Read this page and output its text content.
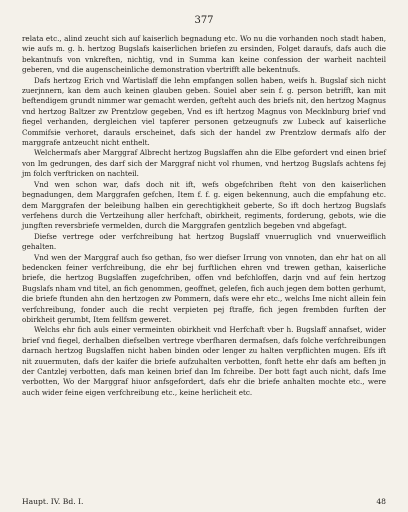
377

relata etc., alind zeucht sich auf kaiserlich begnadung etc. Wo nu die vorhanden noch stadt haben, wie aufs m. g. h. hertzog Bugslafs kaiserlichen briefen zu ersinden, Folget daraufs, dafs auch die bekantnufs von vnkreften, nichtig, vnd in Summa kan keine confession der warheit nachteil geberen, vnd die augenscheinliche demonstration vbertrifft alle bekentnufs.

Dafs hertzog Erich vnd Wartislaff die lehn empfangen sollen haben, weifs h. Bugslaf sich nicht zuerjnnern, kan dem auch keinen glauben geben. Souiel aber sein f. g. person betrifft, kan mit beftendigem grundt nimmer war gemacht werden, gefteht auch des briefs nit, den hertzog Magnus vnd hertzog Baltzer zw Prentzlow gegeben, Vnd es ift hertzog Magnus von Mecklnburg brief vnd fiegel verhanden, dergleichen viel tapferer personen getzeugnufs zw Lubeck auf kaiserliche Commifsie verhoret, darauls erscheinet, dafs sich der handel zw Prentzlow dermafs alfo der marggrafe antzeucht nicht enthelt.

Welchermafs aber Marggraf Albrecht hertzog Bugslaffen ahn die Elbe gefordert vnd einen brief von Im gedrungen, des darf sich der Marggraf nicht vol rhumen, vnd hertzog Bugslafs achtens fej jm folch verftricken on nachteil.

Vnd wen schon war, dafs doch nit ift, wefs obgefchriben fteht von den kaiserlichen begnadungen, dem Marggrafen gefchen, Item f. f. g. eigen bekennung, auch die empfahung etc. dem Marggrafen der beleibung halben ein gerechtigkheit geberte, So ift doch hertzog Bugslafs verfehens durch die Vertzeihung aller herfchaft, obirkheit, regiments, forderung, gebots, wie die jungften reversbriefe vermelden, durch die Marggrafen gentzlich begeben vnd abgefagt.

Diefse vertrege oder verfchreibung hat hertzog Bugslaff vnuerruglich vnd vnuerweiflich gehalten.

Vnd wen der Marggraf auch fso gethan, fso wer diefser Irrung von vnnoten, dan ehr hat on all bedencken feiner verfchreibung, die ehr bej furftlichen ehren vnd trewen gethan, kaiserliche briefe, die hertzog Bugslaffen zugefchriben, offen vnd befchloffen, darjn vnd auf fein hertzog Bugslafs nham vnd titel, an fich genommen, geoffnet, gelefen, fich auch jegen dem botten gerhumt, die briefe ftunden ahn den hertzogen zw Pommern, dafs were ehr etc., welchs Ime nicht allein fein verfchreibung, fonder auch die recht verpieten pej ftraffe, fich jegen frembden furften der obirkheit gerumbt, Item fellfsm geweret.

Welchs ehr fich auls einer vermeinten obirkheit vnd Herfchaft vber h. Bugslaff annafset, wider brief vnd fiegel, derhalben diefselben vertrege vberfharen dermafsen, dafs folche verfchreibungen darnach hertzog Bugslaffen nicht haben binden oder lenger zu halten verpflichten mugen. Efs ift nit zuuermuten, dafs der kaifer die briefe aufzuhalten verbotten, fonft hette ehr dafs am beften jn der Cantzlej verbotten, dafs man keinen brief dan Im fchreibe. Der bott fagt auch nicht, dafs Ime verbotten, Wo der Marggraf hiuor anfsgefordert, dafs ehr die briefe anhalten mochte etc., were auch wider feine eigen verfchreibung etc., keine herlicheit etc.

Haupt. IV. Bd. I.	48
